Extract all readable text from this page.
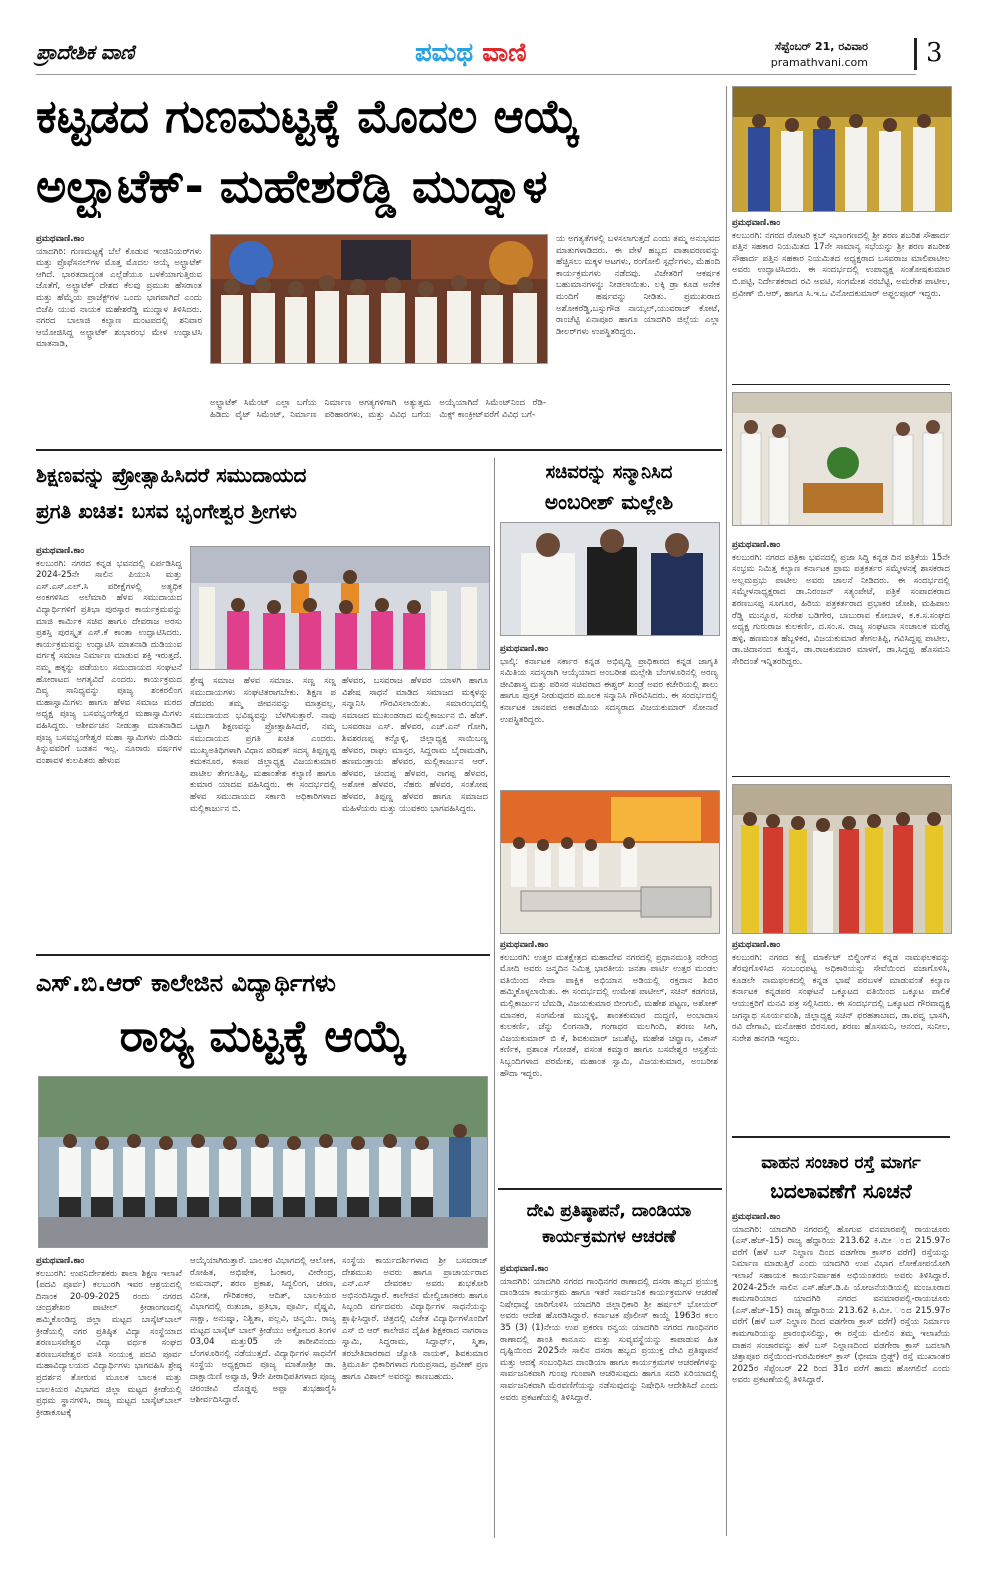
ಪ್ರಾದೇಶಿಕ ವಾಣಿ	ಪಮಥ ವಾಣಿ	ಸೆಪ್ಟೆಂಬರ್ 21, ರವಿವಾರ
pramathvani.com 3
ಕಟ್ಟಡದ ಗುಣಮಟ್ಟಕ್ಕೆ ಮೊದಲ ಆಯ್ಕೆ
ಅಲ್ಟ್ರಾಟೆಕ್- ಮಹೇಶರೆಡ್ಡಿ ಮುದ್ನಾಳ
ಪ್ರಮಥವಾಣಿ.ಕಾಂ
ಯಾದಗಿರಿ: ಗುಣಮಟ್ಟಕ್ಕೆ ಬೆಲೆ ಕೊಡುವ ಇಂಜಿನಿಯರ್‌ಗಳು ಮತ್ತು ಪ್ರೊಫೆಸನಲ್‌ಗಳ ಮೊತ್ತ ಮೊದಲ ಆಯ್ಕೆ ಅಲ್ಟ್ರಾಟೆಕ್ ಆಗಿದೆ. ಭಾರತದಾದ್ಯಂತ ಎಲ್ಲೆಡೆಯೂ ಬಳಕೆಯಾಗುತ್ತಿರುವ ಜೊತೆಗೆ, ಅಲ್ಟ್ರಾಟೆಕ್ ದೇಶದ ಕೆಲವು ಪ್ರಮುಖ ಹೆಸರಾಂತ ಮತ್ತು ಹೆಮ್ಮೆಯ ಪ್ರಾಜೆಕ್ಟ್‌ಗಳ ಒಂದು ಭಾಗವಾಗಿದೆ ಎಂದು ಬಿಜೆಪಿ ಯುವ ನಾಯಕ ಮಹೇಶರೆಡ್ಡಿ ಮುದ್ನಾಳ ತಿಳಿಸಿದರು. ನಗರದ ಬಾಲಾಜಿ ಕಲ್ಯಾಣ ಮಂಟಪದಲ್ಲಿ ಶನಿವಾರ ಆಯೋಜಿಸಿದ್ದ ಅಲ್ಟ್ರಾಟೆಕ್ ಶುಭಾರಂಭ ಮೇಳ ಉದ್ಘಾಟಿಸಿ ಮಾತನಾಡಿ,
ಅಲ್ಟ್ರಾಟೆಕ್ ಸಿಮೆಂಟ್ ಎಲ್ಲಾ ಬಗೆಯ ಹಿಡಿದು ವೈಟ್ ಸಿಮೆಂಟ್, ನಿರ್ಮಾಣ ನಿರ್ಮಾಣ ಅಗತ್ಯಗಳಿಗಾಗಿ ಅತ್ಯುತ್ತಮ ಪರಿಹಾರಗಳು, ಮತ್ತು ವಿವಿಧ ಬಗೆಯ ಅಯ್ಕೆಯಾಗಿದೆ ಸಿಮೆಂಟ್‌ನಿಂದ ರೆಡಿ-ಮಿಕ್ಸ್ ಕಾಂಕ್ರೀಟ್‌ವರೆಗೆ ವಿವಿಧ ಬಗೆ-
ಯ ಅಗತ್ಯತೆಗಳಲ್ಲಿ ಬಳಸಲಾಗುತ್ತದೆ ಎಂದು ತಮ್ಮ ಅನುಭವದ ಮಾತುಗಳಾಡಿದರು. ಈ ವೇಳೆ ಹಬ್ಬದ ವಾತಾವರಣವನ್ನು ಹೆಚ್ಚಿಸಲು ಮಕ್ಕಳ ಆಟಗಳು, ರಂಗೋಲಿ ಸ್ಪರ್ಧೆಗಳು, ಮೆಹಂದಿ ಕಾರ್ಯಕ್ರಮಗಳು ನಡೆದವು. ವಿಜೇತರಿಗೆ ಆಕರ್ಷಕ ಬಹುಮಾನಗಳನ್ನು ನೀಡಲಾಯಿತು. ಲಕ್ಕಿ ಡ್ರಾ ಕೂಡ ಅನೇಕ ಮಂದಿಗೆ ಹರ್ಷವನ್ನು ನೀಡಿತು. ಪ್ರಮುಖರಾದ ಅಶೋಕರೆಡ್ಡಿ,ಬಸ್ಸುಗೌಡ ನಾಯ್ಕಲ್,ಯುವರಾಜ್ ಕೋಟೆ, ರಾಂಚೆಟ್ಟಿ ಏನಾಪೂರ ಹಾಗೂ ಯಾದಗಿರಿ ಜಿಲ್ಲೆಯ ಎಲ್ಲಾ ಡೀಲರ್‌ಗಳು ಉಪಸ್ಥಿತರಿದ್ದರು.
ಪ್ರಮಥವಾಣಿ.ಕಾಂ
ಕಲಬುರಗಿ: ನಗರದ ರೋಟರಿ ಕ್ಲಬ್ ಸಭಾಂಗಣದಲ್ಲಿ ಶ್ರೀ ಶರಣ ಶಬರಿಶ ಸೌಹಾರ್ದ ಪತ್ತಿನ ಸಹಕಾರ ನಿಯಮಿತದ 17ನೇ ಸಾಮಾನ್ಯ ಸಭೆಯನ್ನು ಶ್ರೀ ಶರಣ ಶಬರೀಶ ಸೌಹಾರ್ದ ಪತ್ತಿನ ಸಹಕಾರ ನಿಯಮಿತದ ಅಧ್ಯಕ್ಷರಾದ ಬಸವರಾಜ ಮಾಲಿಪಾಟೀಲ ಅವರು ಉದ್ಘಾಟಿಸಿದರು. ಈ ಸಂದರ್ಭದಲ್ಲಿ ಉಪಾಧ್ಯಕ್ಷ ಸಂತೋಷಕುಮಾರ ಬಿ.ಪಟ್ಟಿ, ನಿರ್ದೇಶಕರಾದ ರವಿ ಅವಟಿ, ಸಂಗಮೇಶ ನರಬೆಟ್ಟಿ, ಅಮರೇಶ ಪಾಟೀಲ, ಪ್ರವೀಣ್ ಬಿ.ಆರ್, ಹಾಗೂ ಸಿ.ಇ.ಒ ವಿನೋದಕುಮಾರ್ ಅಫ್ಜಲಪೂರ್ ಇದ್ದರು.
ಪ್ರಮಥವಾಣಿ.ಕಾಂ
ಕಲಬುರಗಿ: ನಗರದ ಪತ್ರಿಕಾ ಭವನದಲ್ಲಿ ಪ್ರಜಾ ಸಿದ್ದಿ ಕನ್ನಡ ದಿನ ಪತ್ರಿಕೆಯ 15ನೇ ಸಂಭ್ರಮ ನಿಮಿತ್ತ ಕಲ್ಯಾಣ ಕರ್ನಾಟಕ ಪ್ರಾಮ ಪತ್ರಕರ್ತರ ಸಮ್ಮೇಳನಕ್ಕೆ ಶಾಸಕರಾದ ಅಲ್ಲಮಪ್ರಭು ಪಾಟೀಲ ಅವರು ಚಾಲನೆ ನೀಡಿದರು. ಈ ಸಂದರ್ಭದಲ್ಲಿ ಸಮ್ಮೇಳನಾಧ್ಯಕ್ಷರಾದ ಡಾ.ನಿರಂಜನ್ ಸತ್ಯಂಪೇಟೆ, ಪತ್ರಿಕೆ ಸಂಪಾದಕರಾದ ಶರಣಬಸಪ್ಪ ಸೂಗೂರ, ಹಿರಿಯ ಪತ್ರಕರ್ತರಾದ ಪ್ರಭಾಕರ ಜೋಶಿ, ಮಹಿಪಾಲ ರೆಡ್ಡಿ ಮುನ್ನೂರ, ಸುರೇಶ ಬಡಿಗೇರ, ಬಾಬುರಾವ ಕೋಬಾಳ, ಕ.ಕ.ಸ.ಸಂಘದ ಅಧ್ಯಕ್ಷ ಗುರುರಾಜ ಕುಲಕರ್ಣಿ, ದ.ಸಂ.ಸ. ರಾಜ್ಯ ಸಂಘಟನಾ ಸಂಚಾಲಕ ಮರೆಪ್ಪ ಹಳ್ಳಿ, ಹಣಮಂತ ಹೆಬ್ಬಳಿಕರ, ವಿಜಯಕುಮಾರ ತೇಗಲತಿಪ್ಪಿ, ಗವಿಸಿದ್ದಪ್ಪ ಪಾಟೀಲ, ಡಾ.ಚಿದಾನಂದ ಕುಡ್ಡನ, ಡಾ.ರಾಜಕುಮಾರ ಮಾಳಗೆ, ಡಾ.ಸಿದ್ದಪ್ಪ ಹೊಸಮನಿ ಸೇರಿದಂತೆ ಇನ್ನಿತರರಿದ್ದರು.
ಪ್ರಮಥವಾಣಿ.ಕಾಂ
ಕಲಬುರಗಿ: ನಗರದ ಕಣ್ಣಿ ಮಾರ್ಕೆಟ್ ಬಿಲ್ಡಿಂಗ್‌ನ ಕನ್ನಡ ನಾಮಫಲಕವನ್ನು ತೆರವುಗೊಳಿಸಿದ ಸಂಬಂಧಪಟ್ಟ ಅಧಿಕಾರಿಯನ್ನು ಸೇವೆಯಿಂದ ವಜಾಗೊಳಿಸಿ, ಕೂಡಲೇ ನಾಮಫಲಕದಲ್ಲಿ ಕನ್ನಡ ಭಾಷೆ ಪರಬಳಕೆ ಮಾಡುವಂತೆ ಕಲ್ಯಾಣ ಕರ್ನಾಟಕ ಕನ್ನಡಪರ ಸಂಘಟನೆ ಒಕ್ಕೂಟದ ವತಿಯಿಂದ ಒಕ್ಕೂಟ ಪಾಲಿಕೆ ಆಯುಕ್ತರಿಗೆ ಮನವಿ ಪತ್ರ ಸಲ್ಲಿಸಿದರು. ಈ ಸಂದರ್ಭದಲ್ಲಿ ಒಕ್ಕೂಟದ ಗೌರವಾಧ್ಯಕ್ಷ ಜಗನ್ನಾಥ ಸೂರ್ಯವಂಶಿ, ಜಿಲ್ಲಾಧ್ಯಕ್ಷ ಸಚಿನ್ ಫರಹತಾಬಾದ, ಡಾ.ಪವ್ವ ಭಾಸಗಿ, ರವಿ ದೇಗಾವಿ, ಮನೋಹರ ಬಿರನೂರ, ಶರಣು ಹೊಸಮನಿ, ಆನಂದ, ಸುನೀಲ, ಸುರೇಶ ಹನಗಡಿ ಇದ್ದರು.
ವಾಹನ ಸಂಚಾರ ರಸ್ತೆ ಮಾರ್ಗ
ಬದಲಾವಣೆಗೆ ಸೂಚನೆ
ಪ್ರಮಥವಾಣಿ.ಕಾಂ
ಯಾದಗಿರಿ: ಯಾದಗಿರಿ ನಗರದಲ್ಲಿ ಹೊಗುವ ವನಮಾರಪಲ್ಲಿ ರಾಯಚೂರು (ಎಸ್.ಹೆಚ್-15) ರಾಜ್ಯ ಹೆದ್ದಾರಿಯ 213.62 ಕಿ.ಮೀ ಂದ 215.97ರ ವರೆಗೆ (ಹಳೆ ಬಸ್ ನಿಲ್ದಾಣ ದಿಂದ ವಡಗೇರಾ ಕ್ರಾಸ್‌ರ ವರೆಗೆ) ರಸ್ತೆಯನ್ನು ನಿರ್ಮಾಣ ಮಾಡುತ್ತಿರೆ ಎಂದು ಯಾದಗಿರಿ ಉಪ ವಿಭಾಗ ಲೋಕೋಪಯೋಗಿ ಇಲಾಖೆ ಸಹಾಯಕ ಕಾರ್ಯನಿರ್ವಾಹಕ ಅಭಿಯಂತರರು ಅವರು ತಿಳಿಸಿದ್ದಾರೆ. 2024-25ನೇ ಸಾಲಿನ ಎಸ್.ಹೆಚ್.ಡಿ.ಪಿ ಯೋಜನೆಯಡಿಯಲ್ಲಿ ಮಂಜೂರಾದ ಕಾಮಗಾರಿಯಾದ ಯಾದಗಿರಿ ನಗರದ ವನಮಾರಪಲ್ಲಿ-ರಾಯಚೂರು (ಎಸ್.ಹೆಚ್-15) ರಾಜ್ಯ ಹೆದ್ದಾರಿಯ 213.62 ಕಿ.ಮೀ. ಂದ 215.97ರ ವರೆಗೆ (ಹಳೆ ಬಸ್ ನಿಲ್ದಾಣ ದಿಂದ ವಡಗೇರಾ ಕ್ರಾಸ್ ವರೆಗೆ) ರಸ್ತೆಯ ನಿರ್ಮಾಣ ಕಾಮಗಾರಿಯನ್ನು ಪ್ರಾರಂಭಿಸಲಿದ್ದು, ಈ ರಸ್ತೆಯ ಮೇಲಿನ ತಮ್ಮ ಇಲಾಖೆಯ ವಾಹನ ಸಂಚಾರವನ್ನು ಹಳೆ ಬಸ್ ನಿಲ್ದಾಣದಿಂದ ವಡಗೇರಾ ಕ್ರಾಸ್ ಬದಲಾಗಿ ಚಿತ್ತಾಪೂರ ರಸ್ತೆಯಿಂದ-ಗುರಮಿಠಕಲ್ ಕ್ರಾಸ್ (ಭೀಮಾ ಬ್ರಿಡ್ಜ್) ರಸ್ತೆ ಮುಖಾಂತರ 2025ರ ಸೆಪ್ಟೆಂಬರ್ 22 ರಿಂದ 31ರ ವರೆಗೆ ಹಾದು ಹೋಗಲಿದೆ ಎಂದು ಅವರು ಪ್ರಕಟಣೆಯಲ್ಲಿ ತಿಳಿಸಿದ್ದಾರೆ.
ಶಿಕ್ಷಣವನ್ನು ಪ್ರೋತ್ಸಾಹಿಸಿದರೆ ಸಮುದಾಯದ
ಪ್ರಗತಿ ಖಚಿತ: ಬಸವ ಭೃಂಗೇಶ್ವರ ಶ್ರೀಗಳು
ಪ್ರಮಥವಾಣಿ.ಕಾಂ
ಕಲಬುರಗಿ: ನಗರದ ಕನ್ನಡ ಭವನದಲ್ಲಿ ಏರ್ಪಡಿಸಿದ್ದ 2024-25ನೇ ಸಾಲಿನ ಪಿಯುಸಿ ಮತ್ತು ಎಸ್.ಎಸ್.ಎಲ್.ಸಿ ಪರೀಕ್ಷೆಗಳಲ್ಲಿ ಅತ್ಯಧಿಕ ಅಂಕಗಳಿಸಿದ ಅಲೆಮಾರಿ ಹೆಳವ ಸಮುದಾಯದ ವಿದ್ಯಾರ್ಥಿಗಳಿಗೆ ಪ್ರತಿಭಾ ಪುರಸ್ಕಾರ ಕಾರ್ಯಕ್ರಮವನ್ನು ಮಾಜಿ ಕಾರ್ಮಿಕ ಸಚಿವ ಹಾಗೂ ದೇವರಾಜ ಅರಸು ಪ್ರಶಸ್ತಿ ಪುರಸ್ಕೃತ ಎಸ್.ಕೆ ಕಾಂತಾ ಉದ್ಘಾಟಿಸಿದರು. ಕಾರ್ಯಕ್ರಮವನ್ನು ಉದ್ಘಾಟಿಸಿ ಮಾತನಾಡಿ ದುಡಿಯುವ ವರ್ಗಕ್ಕೆ ಸಮಾಜ ನಿರ್ಮಾಣ ಮಾಡುವ ಶಕ್ತಿ ಇರುತ್ತದೆ. ನಮ್ಮ ಹಕ್ಕನ್ನು ಪಡೆಯಲು ಸಮುದಾಯದ ಸಂಘಟನೆ ಹೋರಾಟದ ಅಗತ್ಯವಿದೆ ಎಂದರು. ಕಾರ್ಯಕ್ರಮದ ದಿವ್ಯ ಸಾನಿಧ್ಯವನ್ನು ಪೂಜ್ಯ ಶಂಕರಲಿಂಗ ಮಹಾಸ್ವಾಮಿಗಳು ಹಾಗೂ ಹೆಳವ ಸಮಾಜ ಮಠದ ಅಧ್ಯಕ್ಷ ಪೂಜ್ಯ ಬಸವಭೃಂಗೇಶ್ವರ ಮಹಾಸ್ವಾಮಿಗಳು ವಹಿಸಿದ್ದರು. ಆಶೀರ್ವಚನ ನೀಡುತ್ತಾ ಮಾತನಾಡಿದ ಪೂಜ್ಯ ಬಸವಭೃಂಗೇಶ್ವರ ಮಹಾ ಸ್ವಾಮಿಗಳು ದುಡಿದು ತಿನ್ನುವವರಿಗೆ ಬಡತನ ಇಲ್ಲ. ನೂರಾರು ವರ್ಷಗಳ ವಂಶಾವಳಿ ಕುಲಪಿತರು ಹೇಳುವ
ಶ್ರೇಷ್ಠ ಸಮಾಜ ಹೆಳವ ಸಮಾಜ. ಸಣ್ಣ ಸಣ್ಣ ಸಮುದಾಯಗಳು ಸಂಘಟಿತರಾಗಬೇಕು. ಶಿಕ್ಷಣ ಪ ಡೆದವರು ತಮ್ಮ ಜೀವನವನ್ನು ಮಾತ್ರವಲ್ಲ, ಸಮುದಾಯದ ಭವಿಷ್ಯವನ್ನು ಬೆಳಗಿಸುತ್ತಾರೆ. ನಾವು ಒಟ್ಟಾಗಿ ಶಿಕ್ಷಣವನ್ನು ಪ್ರೋತ್ಸಾಹಿಸಿದರೆ, ನಮ್ಮ ಸಮುದಾಯದ ಪ್ರಗತಿ ಖಚಿತ ಎಂದರು. ಮುಖ್ಯಅತಿಥಿಗಳಾಗಿ ವಿಧಾನ ಪರಿಷತ್ ಸದಸ್ಯ ತಿಪ್ಪಣ್ಣಪ್ಪ ಕಮಕನೂರ, ಕಸಾಪ ಜಿಲ್ಲಾಧ್ಯಕ್ಷ ವಿಜಯಕುಮಾರ ಪಾಟೀಲ ತೇಗಲತಿಪ್ಪಿ, ಮಹಾಂತೇಶ ಕಲ್ಯಾಣಿ ಹಾಗೂ ಕುಮಾರ ಯಾದವ ವಹಿಸಿದ್ದರು. ಈ ಸಂದರ್ಭದಲ್ಲಿ ಹೆಳವ ಸಮುದಾಯದ ಸರ್ಕಾರಿ ಅಧಿಕಾರಿಗಳಾದ ಮಲ್ಲಿಕಾರ್ಜುನ ಬಿ.
ಹೆಳವರ, ಬಸವರಾಜ ಹೆಳವರ ಯಾಳಗಿ ಹಾಗೂ ವಿಶೇಷ ಸಾಧನೆ ಮಾಡಿದ ಸಮಾಜದ ಮಕ್ಕಳನ್ನು ಸನ್ಮಾನಿಸಿ ಗೌರವಿಸಲಾಯಿತು. ಸಮಾರಂಭದಲ್ಲಿ ಸಮಾಜದ ಮುಖಂಡರಾದ ಮಲ್ಲಿಕಾರ್ಜುನ ಬಿ. ಹೆಚ್. ಬಸವರಾಜ ಎಸ್. ಹೆಳವರ, ಎಚ್.ಎನ್ ಗೋಗಿ, ಶಿವಶರಣಪ್ಪ ಕನ್ನೊಳ್ಳಿ, ಜಿಲ್ಲಾಧ್ಯಕ್ಷ ಸಾಯಿಬಣ್ಣ ಹೆಳವರ, ರಾಘು ಮಾಸ್ತರ, ಸಿದ್ದರಾಮ ಬೈರಾಮಡಗಿ, ಹಣಮಂತ್ರಾಯ ಹೆಳವರ, ಮಲ್ಲಿಕಾರ್ಜುನ ಆರ್. ಹೆಳವರ, ಚಂದಪ್ಪ ಹೆಳವರ, ನಾಗಪ್ಪ ಹೆಳವರ, ಅಶೋಕ ಹೆಳವರ, ನೆಹರು ಹೆಳವರ, ಸಂತೋಷ ಹೆಳವರ, ತಿಪ್ಪಣ್ಣ ಹೆಳವರ ಹಾಗೂ ಸಮಾಜದ ಮಹಿಳೆಯರು ಮತ್ತು ಯುವಕರು ಭಾಗವಹಿಸಿದ್ದರು.
ಸಚಿವರನ್ನು ಸನ್ಮಾನಿಸಿದ
ಅಂಬರೀಶ್ ಮಲ್ಲೇಶಿ
ಪ್ರಮಥವಾಣಿ.ಕಾಂ
ಭಾಲ್ಕಿ: ಕರ್ನಾಟಕ ಸರ್ಕಾರ ಕನ್ನಡ ಅಭಿವೃದ್ಧಿ ಪ್ರಾಧಿಕಾರದ ಕನ್ನಡ ಜಾಗೃತಿ ಸಮಿತಿಯ ಸದಸ್ಯರಾಗಿ ಆಯ್ಕೆಯಾದ ಅಂಬರೀಶ ಮಲ್ಲೇಶಿ ಬೆಂಗಳೂರಿನಲ್ಲಿ ಅರಣ್ಯ ಜೀವಿಶಾಸ್ತ್ರ ಮತ್ತು ಪರಿಸರ ಸಚಿವರಾದ ಈಶ್ವರ್ ಖಂಡ್ರೆ ಅವರ ಕಚೇರಿಯಲ್ಲಿ ಶಾಲು ಹಾಗೂ ಪುಸ್ತಕ ನೀಡುವುದರ ಮೂಲಕ ಸನ್ಮಾನಿಸಿ ಗೌರವಿಸಿದರು. ಈ ಸಂದರ್ಭದಲ್ಲಿ ಕರ್ನಾಟಕ ಜಾನಪದ ಅಕಾಡೆಮಿಯ ಸದಸ್ಯರಾದ ವಿಜಯಕುಮಾರ್ ಸೋನಾರೆ ಉಪಸ್ಥಿತರಿದ್ದರು.
ಪ್ರಮಥವಾಣಿ.ಕಾಂ
ಕಲಬುರಗಿ: ಉತ್ತರ ಮತಕ್ಷೇತ್ರದ ಮಹಾದೇವ ನಗರದಲ್ಲಿ ಪ್ರಧಾನಮಂತ್ರಿ ನರೇಂದ್ರ ಮೋದಿ ಅವರು ಜನ್ಮದಿನ ನಿಮಿತ್ತ ಭಾರತೀಯ ಜನತಾ ಪಾರ್ಟಿ ಉತ್ತರ ಮಂಡಲ ವತಿಯಿಂದ ಸೇವಾ ಪಾಕ್ಷಿಕ ಅಭಿಯಾನ ಅಡಿಯಲ್ಲಿ ರಕ್ತದಾನ ಶಿಬಿರ ಹಮ್ಮಿಕೊಳ್ಳಲಾಯಿತು. ಈ ಸಂದರ್ಭದಲ್ಲಿ ಉಮೇಶ ಪಾಟೀಲ್, ಸಚಿನ್ ಕಡಗಂಚಿ, ಮಲ್ಲಿಕಾರ್ಜುನ ಬೆಮಡಿ, ವಿಜಯಕುಮಾರ ಬೀಂಗುಲಿ, ಮಹೇಶ ಪಟ್ಟಣ, ಅಶೋಕ್ ಮಾನಕರ, ಸಂಗಮೇಶ ಮುನ್ನಳ್ಳಿ, ಶಾಂತಕುಮಾರ ದುದ್ದಣಿ, ಅಂಬಾದಾಸ ಕುಲಕರ್ಣಿ, ಚೆನ್ನು ಲಿಂಗನಾಡಿ, ಗಂಗಾಧರ ಮಲಗಿಂದಿ, ಶರಣು ಸೀಗಿ, ವಿಜಯಕುಮಾರ್ ಬಿ ಕೆ, ಶಿವಕುಮಾರ್ ಜಬಶೆಟ್ಟಿ, ಮಹೇಶ ಚವ್ಹಾಣ, ವಿಕಾಸ್ ಕರ್ಣಿಕ, ಪ್ರಶಾಂತ ಗೋಡಕೆ, ವಸಂತ ಕಮ್ಮಾರ ಹಾಗೂ ಬಸವೇಶ್ವರ ಆಸ್ಪತ್ರೆಯ ಸಿಬ್ಬಂದಿಗಳಾದ ಪರಮೇಶ, ಮಹಾಂತ ಸ್ವಾಮಿ, ವಿಜಯಕುಮಾರ, ಅಂಬರೀಶ ಹೌದಾ ಇದ್ದರು.
ದೇವಿ ಪ್ರತಿಷ್ಠಾಪನೆ, ದಾಂಡಿಯಾ
ಕಾರ್ಯಕ್ರಮಗಳ ಆಚರಣೆ
ಪ್ರಮಥವಾಣಿ.ಕಾಂ
ಯಾದಗಿರಿ: ಯಾದಗಿರಿ ನಗರದ ಗಾಂಧಿನಗರ ಠಾಣಾದಲ್ಲಿ ದಸರಾ ಹಬ್ಬದ ಪ್ರಯುಕ್ತ ದಾಂಡಿಯಾ ಕಾರ್ಯಕ್ರಮ ಹಾಗೂ ಇತರೆ ಸಾರ್ವಜನಿಕ ಕಾರ್ಯಕ್ರಮಗಳ ಆಚರಣೆ ನಿಷೇಧಾಜ್ಞೆ ಜಾರಿಗೊಳಿಸಿ ಯಾದಗಿರಿ ಜಿಲ್ಲಾಧಿಕಾರಿ ಶ್ರೀ ಹರ್ಷಲ್ ಭೋಯರ್ ಅವರು ಆದೇಶ ಹೊರಡಿಸಿದ್ದಾರೆ. ಕರ್ನಾಟಕ ಪೊಲೀಸ್ ಕಾಯ್ದೆ 1963ರ ಕಲಂ 35 (3) (1)ನೇಯ ಉಪ ಪ್ರಕರಣ ರನ್ವಯ ಯಾದಗಿರಿ ನಗರದ ಗಾಂಧಿನಗರ ಠಾಣಾದಲ್ಲಿ ಶಾಂತಿ ಕಾನೂನು ಮತ್ತು ಸುವ್ಯವಸ್ಥೆಯನ್ನು ಕಾಪಾಡುವ ಹಿತ ದೃಷ್ಟಿಯಿಂದ 2025ನೇ ಸಾಲಿನ ದಸರಾ ಹಬ್ಬದ ಪ್ರಯುಕ್ತ ದೇವಿ ಪ್ರತಿಷ್ಠಾಪನೆ ಮತ್ತು ಆದಕ್ಕೆ ಸಂಬಂಧಿಸಿದ ದಾಂಡಿಯಾ ಹಾಗೂ ಕಾರ್ಯಕ್ರಮಗಳ ಆಚರಣೆಗಳನ್ನು ಸಾರ್ವಜನಿಕವಾಗಿ ಗುಂಪು ಗುಂಪಾಗಿ ಆಚರಿಸುವುದು ಹಾಗೂ ಸದರಿ ಏರಿಯಾದಲ್ಲಿ ಸಾರ್ವಜನಿಕವಾಗಿ ಮೆರವಣಿಗೆಯನ್ನು ನಡೆಸುವುದನ್ನು ನಿಷೇಧಿಸಿ ಆದೇಶಿಸಿದೆ ಎಂದು ಅವರು ಪ್ರಕಟಣೆಯಲ್ಲಿ ತಿಳಿಸಿದ್ದಾರೆ.
ಎಸ್.ಬಿ.ಆರ್ ಕಾಲೇಜಿನ ವಿದ್ಯಾರ್ಥಿಗಳು
ರಾಜ್ಯ ಮಟ್ಟಕ್ಕೆ ಆಯ್ಕೆ
ಪ್ರಮಥವಾಣಿ.ಕಾಂ
ಕಲಬುರಗಿ: ಉಪನಿರ್ದೇಶಕರು ಶಾಲಾ ಶಿಕ್ಷಣ ಇಲಾಖೆ (ಪದವಿ ಪೂರ್ವ) ಕಲಬುರಗಿ ಇವರ ಆಶ್ರಯದಲ್ಲಿ ದಿನಾಂಕ 20-09-2025 ರಂದು ನಗರದ ಚಂದ್ರಶೇಖರ ಪಾಟೀಲ್ ಕ್ರೀಡಾಂಗಣದಲ್ಲಿ ಹಮ್ಮಿಕೊಂಡಿದ್ದ ಜಿಲ್ಲಾ ಮಟ್ಟದ ಬಾಸ್ಕೆಟ್‌ಬಾಲ್ ಕ್ರೀಡೆಯಲ್ಲಿ ನಗರ ಪ್ರತಿಷ್ಠಿತ ವಿದ್ಯಾ ಸಂಸ್ಥೆಯಾದ ಶರಣಬಸವೇಶ್ವರ ವಿದ್ಯಾ ವರ್ಧಕ ಸಂಘದ ಶರಣಬಸವೇಶ್ವರ ವಸತಿ ಸಂಯುಕ್ತ ಪದವಿ ಪೂರ್ವ ಮಹಾವಿದ್ಯಾಲಯದ ವಿದ್ಯಾರ್ಥಿಗಳು ಭಾಗವಹಿಸಿ ಶ್ರೇಷ್ಠ ಪ್ರದರ್ಶನ ತೋರುವ ಮೂಲಕ ಬಾಲಕ ಮತ್ತು ಬಾಲಕಿಯರ ವಿಭಾಗದ ಜಿಲ್ಲಾ ಮಟ್ಟದ ಕ್ರೀಡೆಯಲ್ಲಿ ಪ್ರಥಮ ಸ್ಥಾನಗಳಿಸಿ, ರಾಜ್ಯ ಮಟ್ಟದ ಬಾಸ್ಕೆಟ್‌ಬಾಲ್ ಕ್ರೀಡಾಕೂಟಕ್ಕೆ
ಆಯ್ಕೆಯಾಗಿರುತ್ತಾರೆ. ಬಾಲಕರ ವಿಭಾಗದಲ್ಲಿ ಆಲೋಕ, ರೋಹಿತ, ಅಭಿಷೇಕ, ಓಂಕಾರ, ವೀರೇಂದ್ರ, ಅಮನಾಥ್, ಶರಣ ಪ್ರಕಾಶ, ಸಿದ್ದಲಿಂಗ, ಚರಣ, ವಿನೀತ, ಗೌರಿಶಂಕರ, ಆದಿತ್, ಬಾಲಕಿಯರ ವಿಭಾಗದಲ್ಲಿ ರುತುಜಾ, ಪ್ರತಿಭಾ, ಪೂರ್ವಿ, ವೈಷ್ಣವಿ, ಸಾಕ್ಷಾ, ಅನುಷ್ಕಾ, ನಿಶ್ಚಿತಾ, ಪಲ್ಲವಿ, ಚಿನ್ಮಯಿ. ರಾಜ್ಯ ಮಟ್ಟದ ಬಾಸ್ಕೆಟ್ ಬಾಲ್ ಕ್ರೀಡೆಯು ಅಕ್ಟೋಬರ ತಿಂಗಳ 03,04 ಮತ್ತು05 ನೇ ತಾರೀಖಿನಂದು ಬೆಂಗಳೂರಿನಲ್ಲಿ ನಡೆಯುತ್ತದೆ. ವಿದ್ಯಾರ್ಥಿಗಳ ಸಾಧನೆಗೆ ಸಂಸ್ಥೆಯ ಅಧ್ಯಕ್ಷರಾದ ಪೂಜ್ಯ ಮಾತೋಶ್ರೀ ಡಾ. ದಾಕ್ಷಾಯಿಣಿ ಅವ್ವಾಜಿ, 9ನೇ ಪೀಠಾಧಿಪತಿಗಳಾದ ಪೂಜ್ಯ ಚಿರಂಜೀವಿ ದೊಡ್ಡಪ್ಪ ಅಪ್ಪಾ ಶುಭಹಾರೈಸಿ ಆಶೀರ್ವದಿಸಿದ್ದಾರೆ.
ಸಂಸ್ಥೆಯ ಕಾರ್ಯದರ್ಶಿಗಳಾದ ಶ್ರೀ ಬಸವರಾಜ್ ದೇಶಮುಖ ಅವರು ಹಾಗೂ ಪ್ರಾಚಾರ್ಯರಾದ ಎನ್.ಎಸ್ ದೇವರಕಲ ಅವರು ಶುಭಕೋರಿ ಅಭಿನಂದಿಸಿದ್ದಾರೆ. ಕಾಲೇಜಿನ ಮೇಲ್ವಿಚಾರಕರು ಹಾಗೂ ಸಿಬ್ಬಂದಿ ವರ್ಗದವರು ವಿದ್ಯಾರ್ಥಿಗಳ ಸಾಧನೆಯನ್ನು ಶ್ಲಾಘಿಸಿದ್ದಾರೆ. ಚಿತ್ರದಲ್ಲಿ ವಿಜೇತ ವಿದ್ಯಾರ್ಥಿಗಳೊಂದಿಗೆ ಎಸ್ ಬಿ ಆರ್ ಕಾಲೇಜಿನ ದೈಹಿಕ ಶಿಕ್ಷಕರಾದ ನಾಗರಾಜ ಸ್ವಾಮಿ, ಸಿದ್ದರಾಮ, ಸಿದ್ದಾರ್ಥ್, ಸ್ಮಿತಾ, ತರಬೇತಿದಾರರಾದ ಜ್ಯೋತಿ ನಾಯಕ್, ಶಿವಕುಮಾರ ತ್ರಿಮೂರ್ತಿ ಭಿಕಾರಿಗಳಾದ ಗುರುಪ್ರಸಾದ, ಪ್ರವೀಣ್ ಪ್ರಣ ಹಾಗೂ ವಿಶಾಲ್ ಅವರನ್ನು ಕಾಣಬಹುದು.
